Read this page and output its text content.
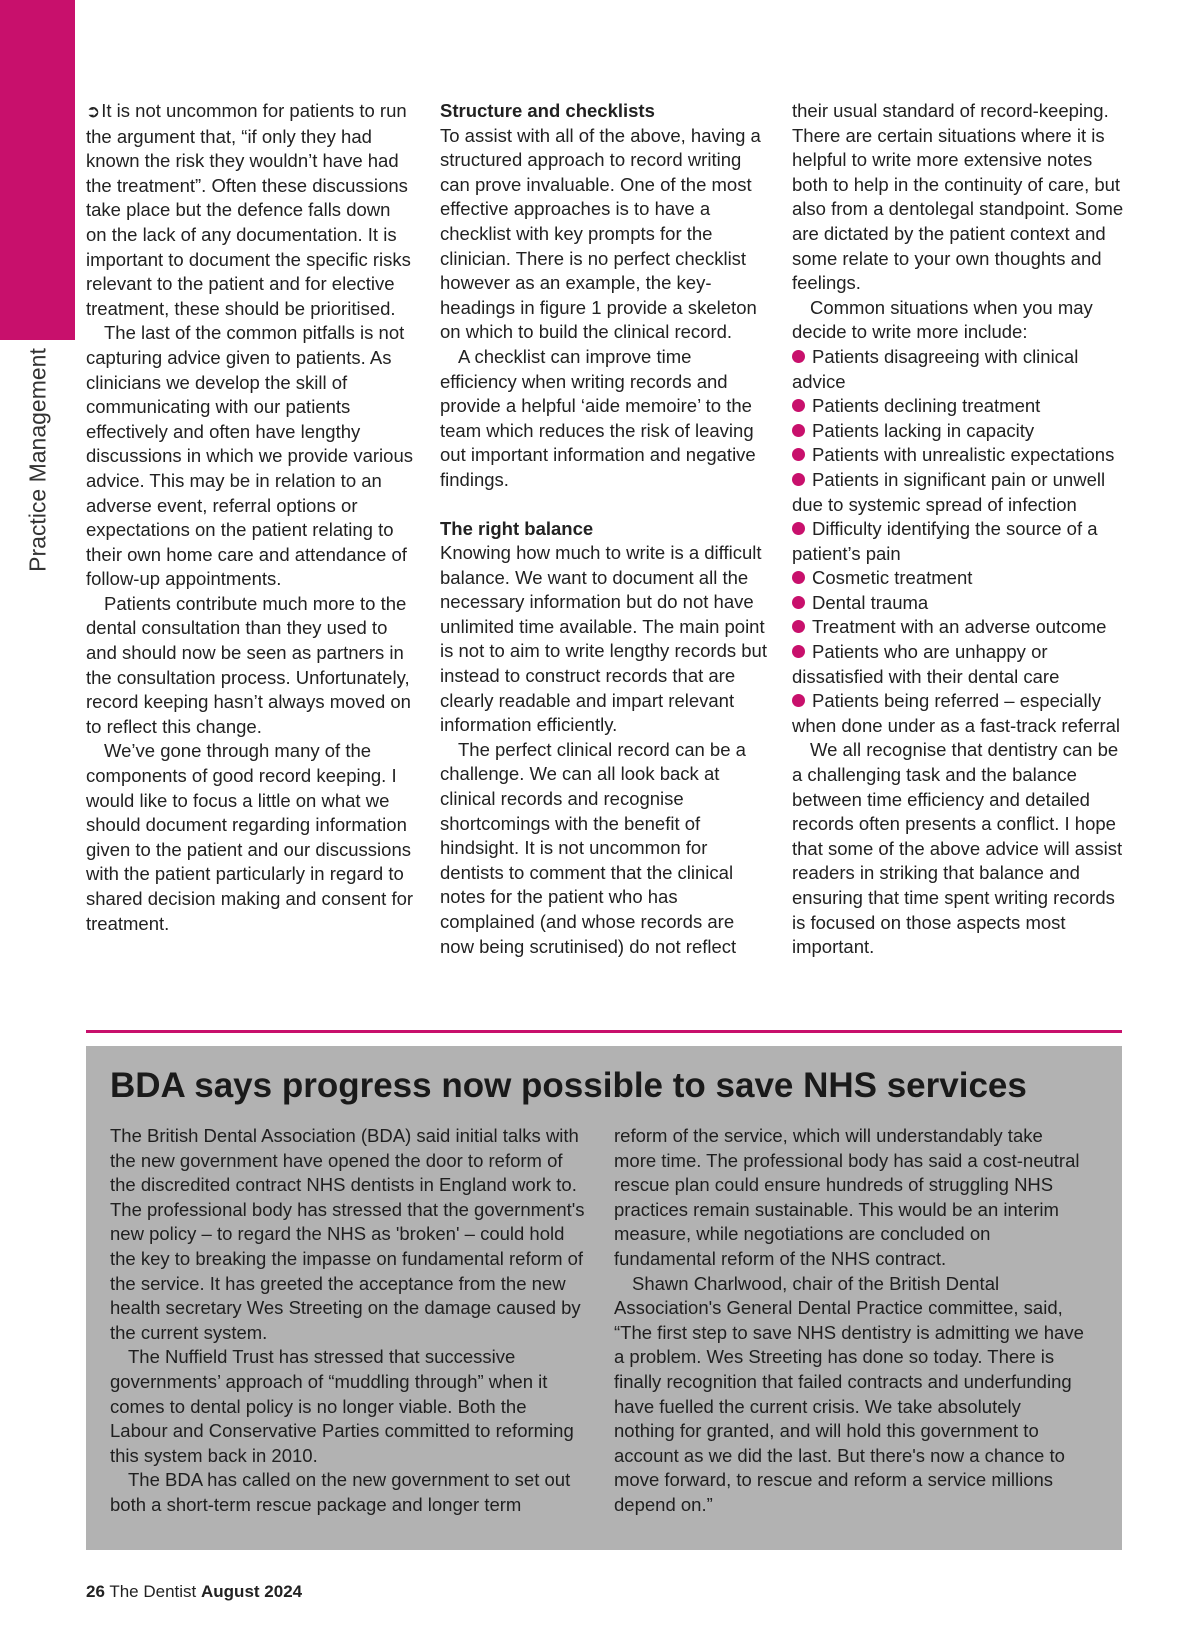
Practice Management

➲It is not uncommon for patients to run the argument that, “if only they had known the risk they wouldn’t have had the treatment”. Often these discussions take place but the defence falls down on the lack of any documentation. It is important to document the specific risks relevant to the patient and for elective treatment, these should be prioritised.

The last of the common pitfalls is not capturing advice given to patients. As clinicians we develop the skill of communicating with our patients effectively and often have lengthy discussions in which we provide various advice. This may be in relation to an adverse event, referral options or expectations on the patient relating to their own home care and attendance of follow-up appointments.

Patients contribute much more to the dental consultation than they used to and should now be seen as partners in the consultation process. Unfortunately, record keeping hasn’t always moved on to reflect this change.

We’ve gone through many of the components of good record keeping. I would like to focus a little on what we should document regarding information given to the patient and our discussions with the patient particularly in regard to shared decision making and consent for treatment.

Structure and checklists

To assist with all of the above, having a structured approach to record writing can prove invaluable. One of the most effective approaches is to have a checklist with key prompts for the clinician. There is no perfect checklist however as an example, the key-headings in figure 1 provide a skeleton on which to build the clinical record.

A checklist can improve time efficiency when writing records and provide a helpful ‘aide memoire’ to the team which reduces the risk of leaving out important information and negative findings.

The right balance

Knowing how much to write is a difficult balance. We want to document all the necessary information but do not have unlimited time available. The main point is not to aim to write lengthy records but instead to construct records that are clearly readable and impart relevant information efficiently.

The perfect clinical record can be a challenge. We can all look back at clinical records and recognise shortcomings with the benefit of hindsight. It is not uncommon for dentists to comment that the clinical notes for the patient who has complained (and whose records are now being scrutinised) do not reflect

their usual standard of record-keeping. There are certain situations where it is helpful to write more extensive notes both to help in the continuity of care, but also from a dentolegal standpoint. Some are dictated by the patient context and some relate to your own thoughts and feelings.

Common situations when you may decide to write more include:

Patients disagreeing with clinical advice
Patients declining treatment
Patients lacking in capacity
Patients with unrealistic expectations
Patients in significant pain or unwell due to systemic spread of infection
Difficulty identifying the source of a patient’s pain
Cosmetic treatment
Dental trauma
Treatment with an adverse outcome
Patients who are unhappy or dissatisfied with their dental care
Patients being referred – especially when done under as a fast-track referral

We all recognise that dentistry can be a challenging task and the balance between time efficiency and detailed records often presents a conflict. I hope that some of the above advice will assist readers in striking that balance and ensuring that time spent writing records is focused on those aspects most important.

BDA says progress now possible to save NHS services

The British Dental Association (BDA) said initial talks with the new government have opened the door to reform of the discredited contract NHS dentists in England work to.

The professional body has stressed that the government's new policy – to regard the NHS as 'broken' – could hold the key to breaking the impasse on fundamental reform of the service. It has greeted the acceptance from the new health secretary Wes Streeting on the damage caused by the current system.

The Nuffield Trust has stressed that successive governments’ approach of “muddling through” when it comes to dental policy is no longer viable. Both the Labour and Conservative Parties committed to reforming this system back in 2010.

The BDA has called on the new government to set out both a short-term rescue package and longer term

reform of the service, which will understandably take more time. The professional body has said a cost-neutral rescue plan could ensure hundreds of struggling NHS practices remain sustainable. This would be an interim measure, while negotiations are concluded on fundamental reform of the NHS contract.

Shawn Charlwood, chair of the British Dental Association's General Dental Practice committee, said, “The first step to save NHS dentistry is admitting we have a problem. Wes Streeting has done so today. There is finally recognition that failed contracts and underfunding have fuelled the current crisis. We take absolutely nothing for granted, and will hold this government to account as we did the last. But there's now a chance to move forward, to rescue and reform a service millions depend on.”

26 The Dentist August 2024
